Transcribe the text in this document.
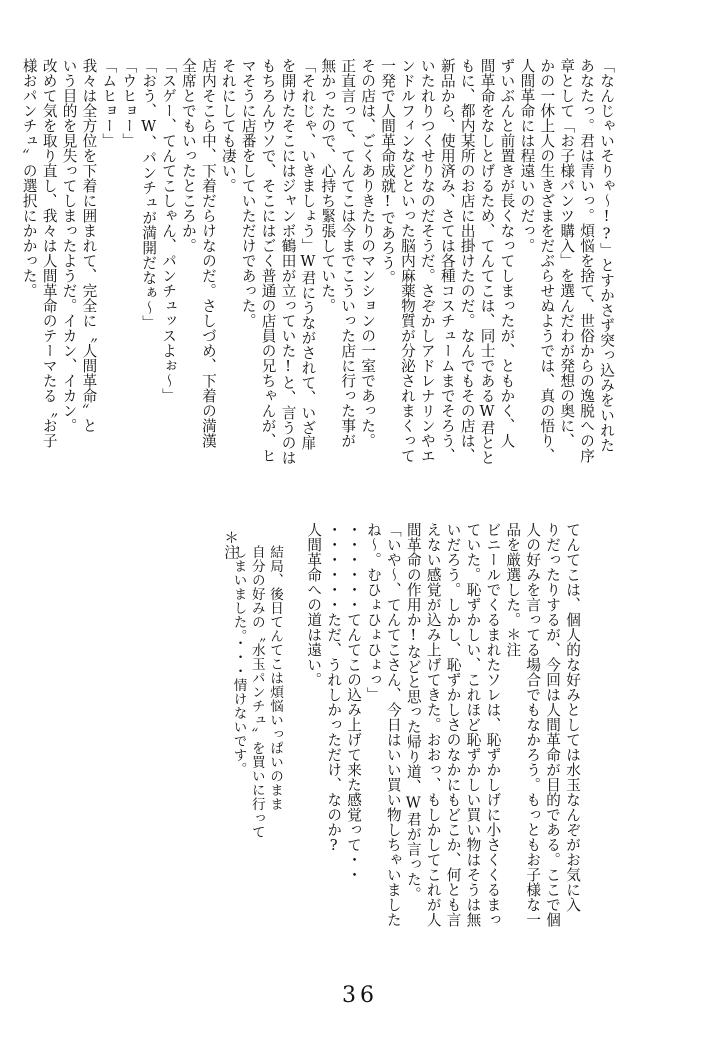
「なんじゃいそりゃ〜!?」とすかさず突っ込みをいれた
あなたっ。君は青いっ。煩悩を捨て、世俗からの逸脱への序
章として「お子様パンツ購入」を選んだわが発想の奥に、
かの一休上人の生きざまをだぶらせぬようでは、真の悟り、
人間革命には程遠いのだっ。
ずいぶんと前置きが長くなってしまったが、ともかく、人
間革命をなしとげるため、てんてこは、同士であるW君とと
もに、都内某所のお店に出掛けたのだ。なんでもその店は、
新品から、使用済み、さては各種コスチュームまでそろう、
いたれりつくせりなのだそうだ。さぞかしアドレナリンやエ
ンドルフィンなどといった脳内麻薬物質が分泌されまくって
一発で人間革命成就!であろう。
その店は、ごくありきたりのマンションの一室であった。
正直言って、てんてこは今までこういった店に行った事が
無かったので、心持ち緊張していた。
「それじゃ、いきましょう」W君にうながされて、いざ扉
を開けたそこにはジャンボ鶴田が立っていた!と、言うのは
もちろんウソで、そこにはごく普通の店員の兄ちゃんが、ヒ
マそうに店番をしていただけであった。
それにしても凄い。
店内そこら中、下着だらけなのだ。さしづめ、下着の満漢
全席とでもいったところか。
「スゲー、てんてこしゃん、パンチュッスよぉ〜」
「おう、W、パンチュが満開だなぁ〜」
「ウヒョー」
「ムヒョー」
我々は全方位を下着に囲まれて、完全に〝人間革命〟と
いう目的を見失ってしまったようだ。イカン、イカン。
改めて気を取り直し、我々は人間革命のテーマたる〝お子
様おパンチュ〟の選択にかかった。
てんてこは、個人的な好みとしては水玉なんぞがお気に入
りだったりするが、今回は人間革命が目的である。ここで個
人の好みを言ってる場合でもなかろう。もっともお子様な一
品を厳選した。＊注
ビニールでくるまれたソレは、恥ずかしげに小さくくるまっ
ていた。恥ずかしい、これほど恥ずかしい買い物はそうは無
いだろう。しかし、恥ずかしさのなかにもどこか、何とも言
えない感覚が込み上げてきた。おおっ、もしかしてこれが人
間革命の作用か!などと思った帰り道、W君が言った。
「いや〜、てんてこさん、今日はいい買い物しちゃいました
ね〜。むひょひょひょっ」
・・・・・・てんてこの込み上げて来た感覚って・・
・・・・・・ただ、うれしかっただけ、なのか?
人間革命への道は遠い。
＊注
結局、後日てんてこは煩悩いっぱいのまま
自分の好みの〝水玉パンチュ〟を買いに行って
しまいました。・・・情けないです。
36
